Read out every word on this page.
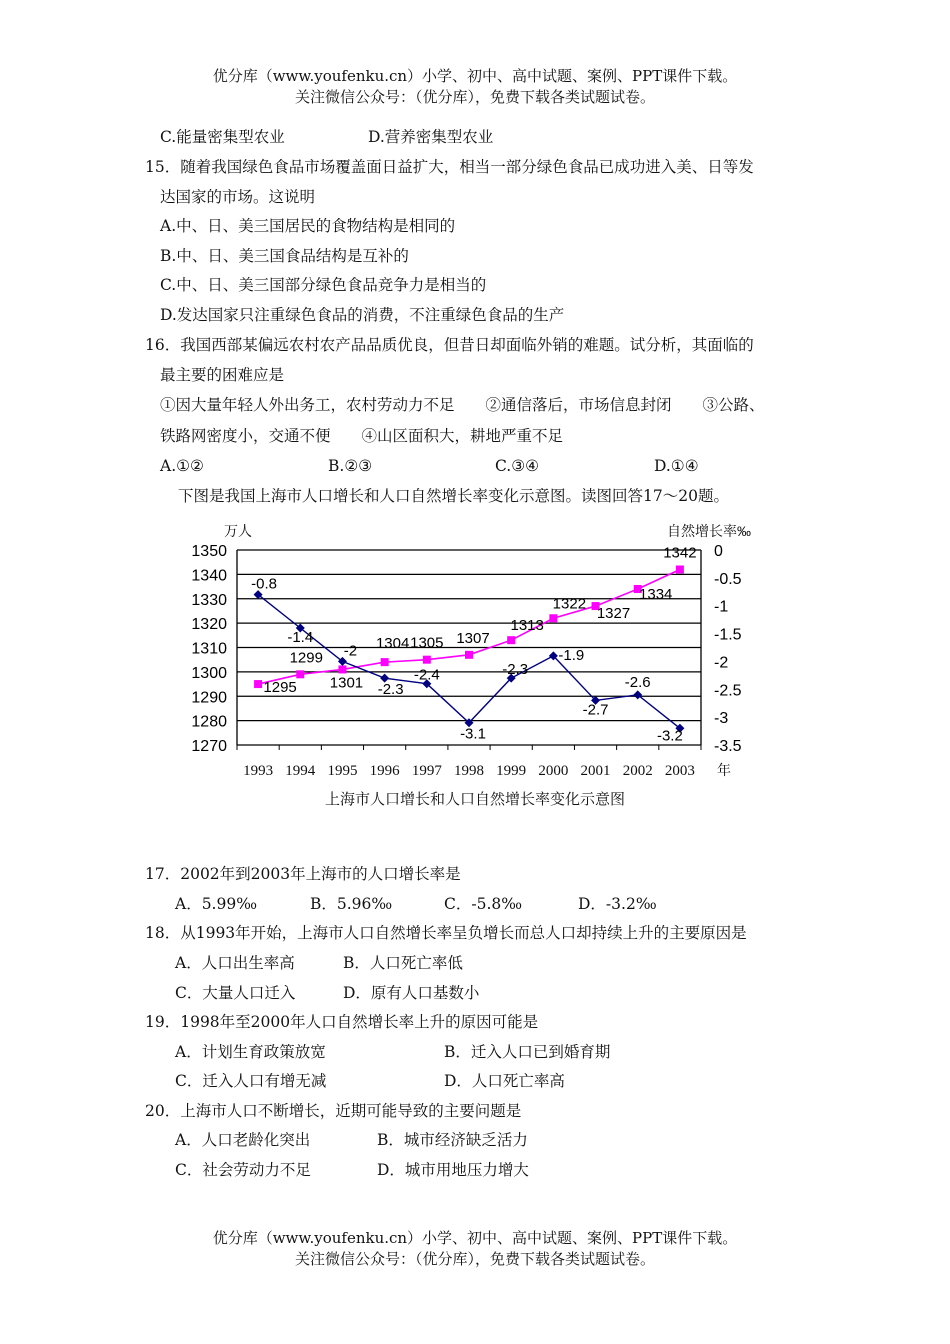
优分库（www.youfenku.cn）小学、初中、高中试题、案例、PPT课件下载。
关注微信公众号：（优分库），免费下载各类试题试卷。
C.能量密集型农业	D.营养密集型农业
15．随着我国绿色食品市场覆盖面日益扩大，相当一部分绿色食品已成功进入美、日等发
达国家的市场。这说明
A.中、日、美三国居民的食物结构是相同的
B.中、日、美三国食品结构是互补的
C.中、日、美三国部分绿色食品竞争力是相当的
D.发达国家只注重绿色食品的消费，不注重绿色食品的生产
16．我国西部某偏远农村农产品品质优良，但昔日却面临外销的难题。试分析，其面临的
最主要的困难应是
①因大量年轻人外出务工，农村劳动力不足　　②通信落后，市场信息封闭　　③公路、
铁路网密度小，交通不便　　④山区面积大，耕地严重不足
A.①②	B.②③	C.③④	D.①④
下图是我国上海市人口增长和人口自然增长率变化示意图。读图回答17～20题。
万人	自然增长率‰
1350
1340
1330
1320
1310
1300
1290
1280
1270
0
-0.5
-1
-1.5
-2
-2.5
-3
-3.5
1993 1994 1995 1996 1997 1998 1999 2000 2001 2002 2003
1295
1299
1301
1304 1305 1307
1313
1322
1327
1334
1342
-0.8
-1.4
-2
-2.3
-2.4
-3.1
-2.3
-1.9
-2.7
-2.6
-3.2
年
上海市人口增长和人口自然增长率变化示意图
17．2002年到2003年上海市的人口增长率是
A．5.99‰	B．5.96‰	C．-5.8‰	D．-3.2‰
18．从1993年开始，上海市人口自然增长率呈负增长而总人口却持续上升的主要原因是
A．人口出生率高	B．人口死亡率低
C．大量人口迁入	D．原有人口基数小
19．1998年至2000年人口自然增长率上升的原因可能是
A．计划生育政策放宽	B．迁入人口已到婚育期
C．迁入人口有增无减	D．人口死亡率高
20．上海市人口不断增长，近期可能导致的主要问题是
A．人口老龄化突出	B．城市经济缺乏活力
C．社会劳动力不足	D．城市用地压力增大
优分库（www.youfenku.cn）小学、初中、高中试题、案例、PPT课件下载。
关注微信公众号：（优分库），免费下载各类试题试卷。
